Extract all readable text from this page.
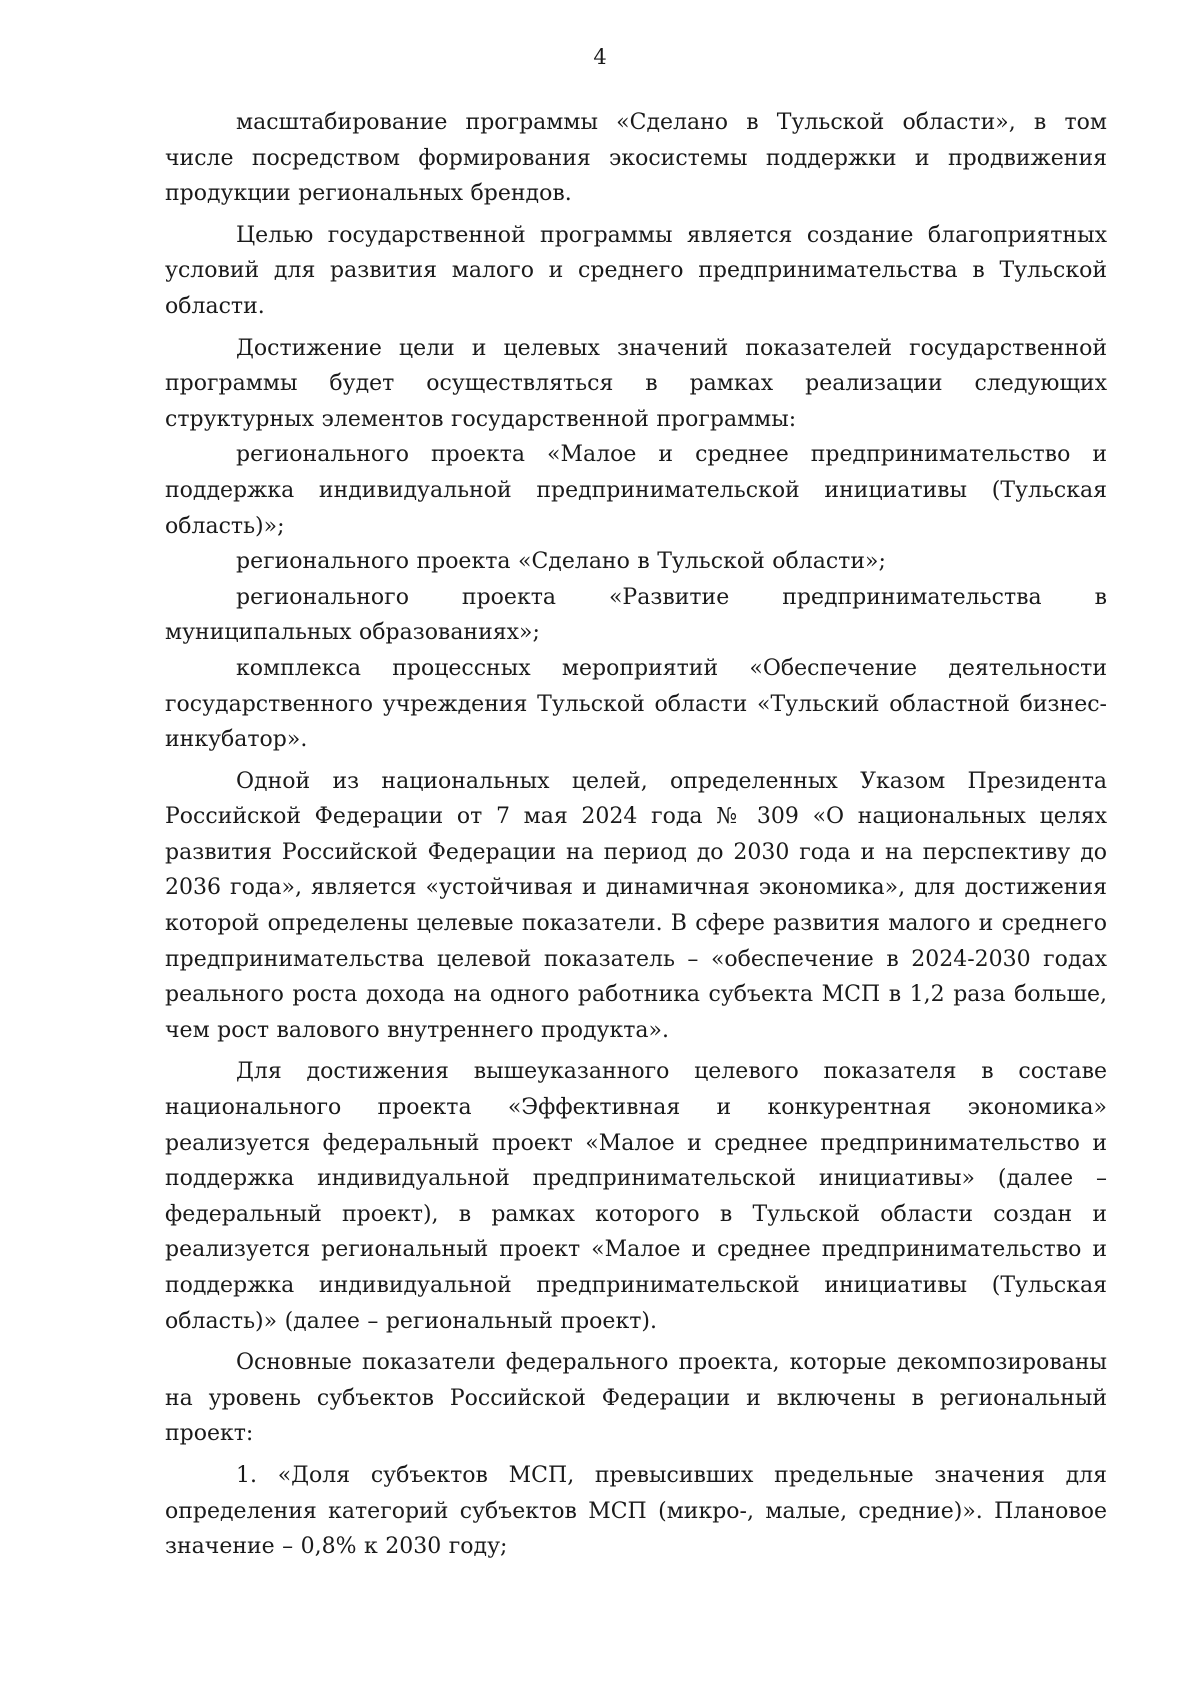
4

масштабирование программы «Сделано в Тульской области», в том числе посредством формирования экосистемы поддержки и продвижения продукции региональных брендов.

Целью государственной программы является создание благоприятных условий для развития малого и среднего предпринимательства в Тульской области.

Достижение цели и целевых значений показателей государственной программы будет осуществляться в рамках реализации следующих структурных элементов государственной программы:

регионального проекта «Малое и среднее предпринимательство и поддержка индивидуальной предпринимательской инициативы (Тульская область)»;

регионального проекта «Сделано в Тульской области»;

регионального проекта «Развитие предпринимательства в муниципальных образованиях»;

комплекса процессных мероприятий «Обеспечение деятельности государственного учреждения Тульской области «Тульский областной бизнес-инкубатор».

Одной из национальных целей, определенных Указом Президента Российской Федерации от 7 мая 2024 года № 309 «О национальных целях развития Российской Федерации на период до 2030 года и на перспективу до 2036 года», является «устойчивая и динамичная экономика», для достижения которой определены целевые показатели. В сфере развития малого и среднего предпринимательства целевой показатель – «обеспечение в 2024-2030 годах реального роста дохода на одного работника субъекта МСП в 1,2 раза больше, чем рост валового внутреннего продукта».

Для достижения вышеуказанного целевого показателя в составе национального проекта «Эффективная и конкурентная экономика» реализуется федеральный проект «Малое и среднее предпринимательство и поддержка индивидуальной предпринимательской инициативы» (далее – федеральный проект), в рамках которого в Тульской области создан и реализуется региональный проект «Малое и среднее предпринимательство и поддержка индивидуальной предпринимательской инициативы (Тульская область)» (далее – региональный проект).

Основные показатели федерального проекта, которые декомпозированы на уровень субъектов Российской Федерации и включены в региональный проект:

1. «Доля субъектов МСП, превысивших предельные значения для определения категорий субъектов МСП (микро-, малые, средние)». Плановое значение – 0,8% к 2030 году;
